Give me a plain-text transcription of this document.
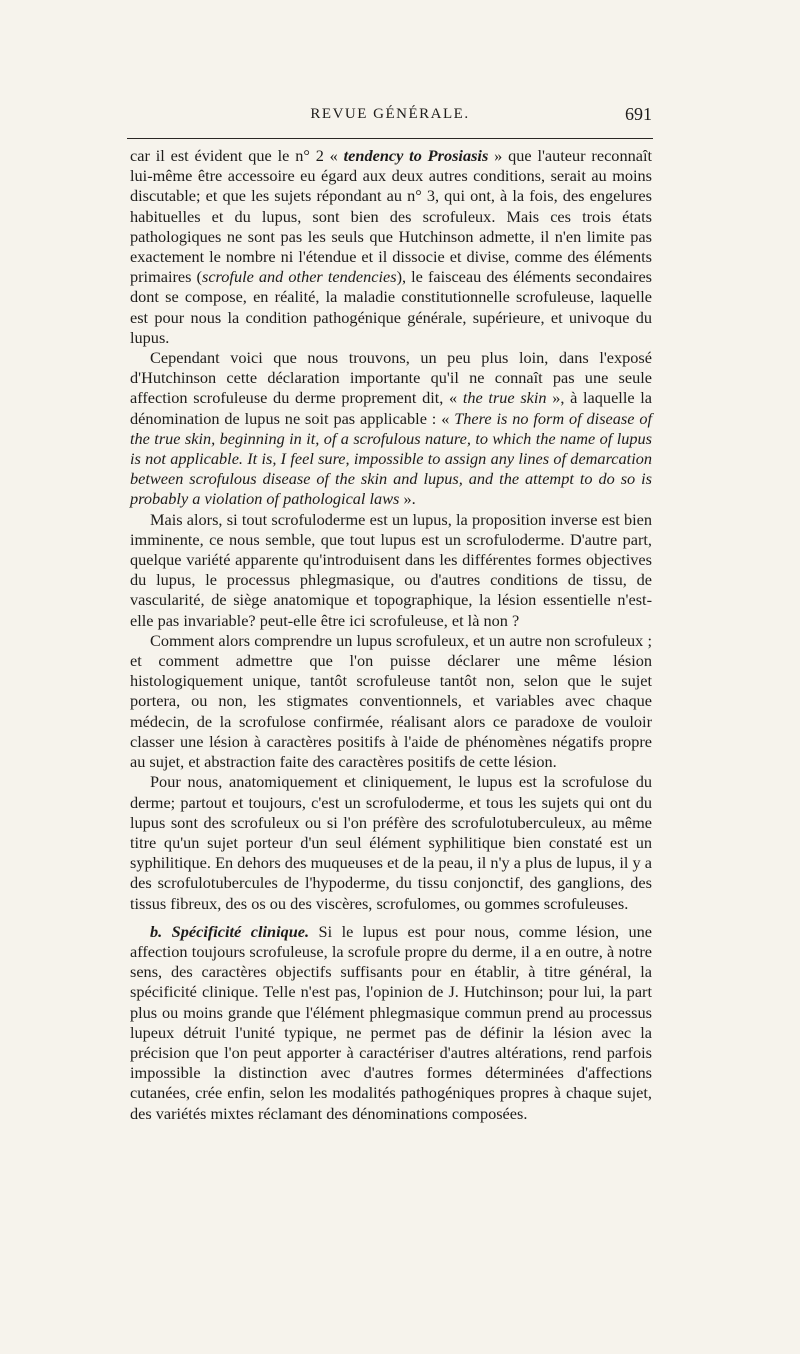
REVUE GÉNÉRALE.	691

car il est évident que le n° 2 « tendency to Prosiasis » que l'auteur reconnaît lui-même être accessoire eu égard aux deux autres conditions, serait au moins discutable; et que les sujets répondant au n° 3, qui ont, à la fois, des engelures habituelles et du lupus, sont bien des scrofuleux. Mais ces trois états pathologiques ne sont pas les seuls que Hutchinson admette, il n'en limite pas exactement le nombre ni l'étendue et il dissocie et divise, comme des éléments primaires (scrofule and other tendencies), le faisceau des éléments secondaires dont se compose, en réalité, la maladie constitutionnelle scrofuleuse, laquelle est pour nous la condition pathogénique générale, supérieure, et univoque du lupus.

Cependant voici que nous trouvons, un peu plus loin, dans l'exposé d'Hutchinson cette déclaration importante qu'il ne connaît pas une seule affection scrofuleuse du derme proprement dit, « the true skin », à laquelle la dénomination de lupus ne soit pas applicable : « There is no form of disease of the true skin, beginning in it, of a scrofulous nature, to which the name of lupus is not applicable. It is, I feel sure, impossible to assign any lines of demarcation between scrofulous disease of the skin and lupus, and the attempt to do so is probably a violation of pathological laws ».

Mais alors, si tout scrofuloderme est un lupus, la proposition inverse est bien imminente, ce nous semble, que tout lupus est un scrofuloderme. D'autre part, quelque variété apparente qu'introduisent dans les différentes formes objectives du lupus, le processus phlegmasique, ou d'autres conditions de tissu, de vascularité, de siège anatomique et topographique, la lésion essentielle n'est-elle pas invariable? peut-elle être ici scrofuleuse, et là non ?

Comment alors comprendre un lupus scrofuleux, et un autre non scrofuleux ; et comment admettre que l'on puisse déclarer une même lésion histologiquement unique, tantôt scrofuleuse tantôt non, selon que le sujet portera, ou non, les stigmates conventionnels, et variables avec chaque médecin, de la scrofulose confirmée, réalisant alors ce paradoxe de vouloir classer une lésion à caractères positifs à l'aide de phénomènes négatifs propre au sujet, et abstraction faite des caractères positifs de cette lésion.

Pour nous, anatomiquement et cliniquement, le lupus est la scrofulose du derme; partout et toujours, c'est un scrofuloderme, et tous les sujets qui ont du lupus sont des scrofuleux ou si l'on préfère des scrofulotuberculeux, au même titre qu'un sujet porteur d'un seul élément syphilitique bien constaté est un syphilitique. En dehors des muqueuses et de la peau, il n'y a plus de lupus, il y a des scrofulotubercules de l'hypoderme, du tissu conjonctif, des ganglions, des tissus fibreux, des os ou des viscères, scrofulomes, ou gommes scrofuleuses.

b. Spécificité clinique. Si le lupus est pour nous, comme lésion, une affection toujours scrofuleuse, la scrofule propre du derme, il a en outre, à notre sens, des caractères objectifs suffisants pour en établir, à titre général, la spécificité clinique. Telle n'est pas, l'opinion de J. Hutchinson; pour lui, la part plus ou moins grande que l'élément phlegmasique commun prend au processus lupeux détruit l'unité typique, ne permet pas de définir la lésion avec la précision que l'on peut apporter à caractériser d'autres altérations, rend parfois impossible la distinction avec d'autres formes déterminées d'affections cutanées, crée enfin, selon les modalités pathogéniques propres à chaque sujet, des variétés mixtes réclamant des dénominations composées.
